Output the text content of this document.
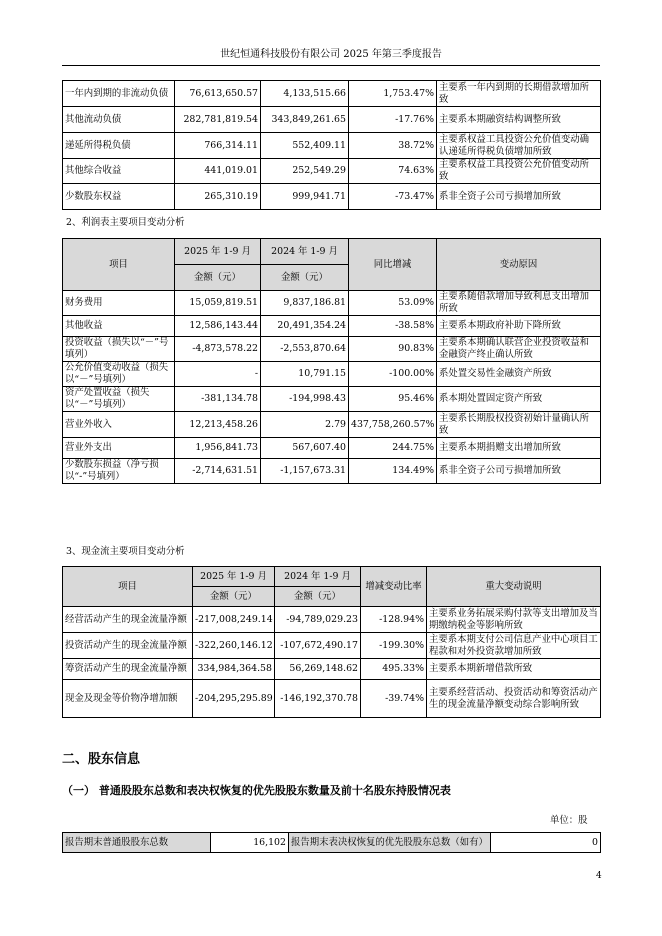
世纪恒通科技股份有限公司 2025 年第三季度报告
一年内到期的非流动负债	76,613,650.57	4,133,515.66	1,753.47%	主要系一年内到期的长期借款增加所致
其他流动负债	282,781,819.54	343,849,261.65	-17.76%	主要系本期融资结构调整所致
递延所得税负债	766,314.11	552,409.11	38.72%	主要系权益工具投资公允价值变动确认递延所得税负债增加所致
其他综合收益	441,019.01	252,549.29	74.63%	主要系权益工具投资公允价值变动所致
少数股东权益	265,310.19	999,941.71	-73.47%	系非全资子公司亏损增加所致
2、利润表主要项目变动分析
项目	2025 年 1-9 月	2024 年 1-9 月	同比增减	变动原因
	金额（元）	金额（元）		
财务费用	15,059,819.51	9,837,186.81	53.09%	主要系随借款增加导致利息支出增加所致
其他收益	12,586,143.44	20,491,354.24	-38.58%	主要系本期政府补助下降所致
投资收益（损失以“－”号填列）	-4,873,578.22	-2,553,870.64	90.83%	主要系本期确认联营企业投资收益和金融资产终止确认所致
公允价值变动收益（损失以“－”号填列）	-	10,791.15	-100.00%	系处置交易性金融资产所致
资产处置收益（损失以“－”号填列）	-381,134.78	-194,998.43	95.46%	系本期处置固定资产所致
营业外收入	12,213,458.26	2.79	437,758,260.57%	主要系长期股权投资初始计量确认所致
营业外支出	1,956,841.73	567,607.40	244.75%	主要系本期捐赠支出增加所致
少数股东损益（净亏损以“-”号填列）	-2,714,631.51	-1,157,673.31	134.49%	系非全资子公司亏损增加所致
3、现金流主要项目变动分析
项目	2025 年 1-9 月	2024 年 1-9 月	增减变动比率	重大变动说明
	金额（元）	金额（元）		
经营活动产生的现金流量净额	-217,008,249.14	-94,789,029.23	-128.94%	主要系业务拓展采购付款等支出增加及当期缴纳税金等影响所致
投资活动产生的现金流量净额	-322,260,146.12	-107,672,490.17	-199.30%	主要系本期支付公司信息产业中心项目工程款和对外投资款增加所致
筹资活动产生的现金流量净额	334,984,364.58	56,269,148.62	495.33%	主要系本期新增借款所致
现金及现金等价物净增加额	-204,295,295.89	-146,192,370.78	-39.74%	主要系经营活动、投资活动和筹资活动产生的现金流量净额变动综合影响所致
二、股东信息
（一） 普通股股东总数和表决权恢复的优先股股东数量及前十名股东持股情况表
单位：股
报告期末普通股股东总数	16,102	报告期末表决权恢复的优先股股东总数（如有）	0
4
